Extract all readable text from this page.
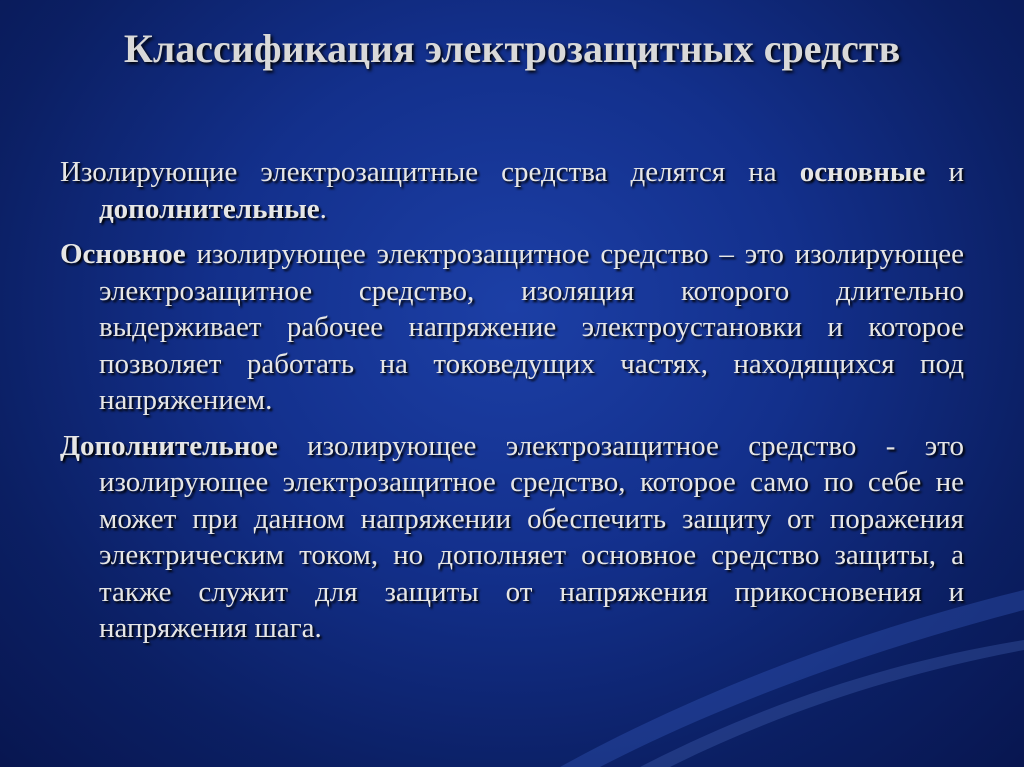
Классификация электрозащитных средств

Изолирующие электрозащитные средства делятся на основные и дополнительные.

Основное изолирующее электрозащитное средство – это изолирующее электрозащитное средство, изоляция которого длительно выдерживает рабочее напряжение электроустановки и которое позволяет работать на токоведущих частях, находящихся под напряжением.

Дополнительное изолирующее электрозащитное средство - это изолирующее электрозащитное средство, которое само по себе не может при данном напряжении обеспечить защиту от поражения электрическим током, но дополняет основное средство защиты, а также служит для защиты от напряжения прикосновения и напряжения шага.
